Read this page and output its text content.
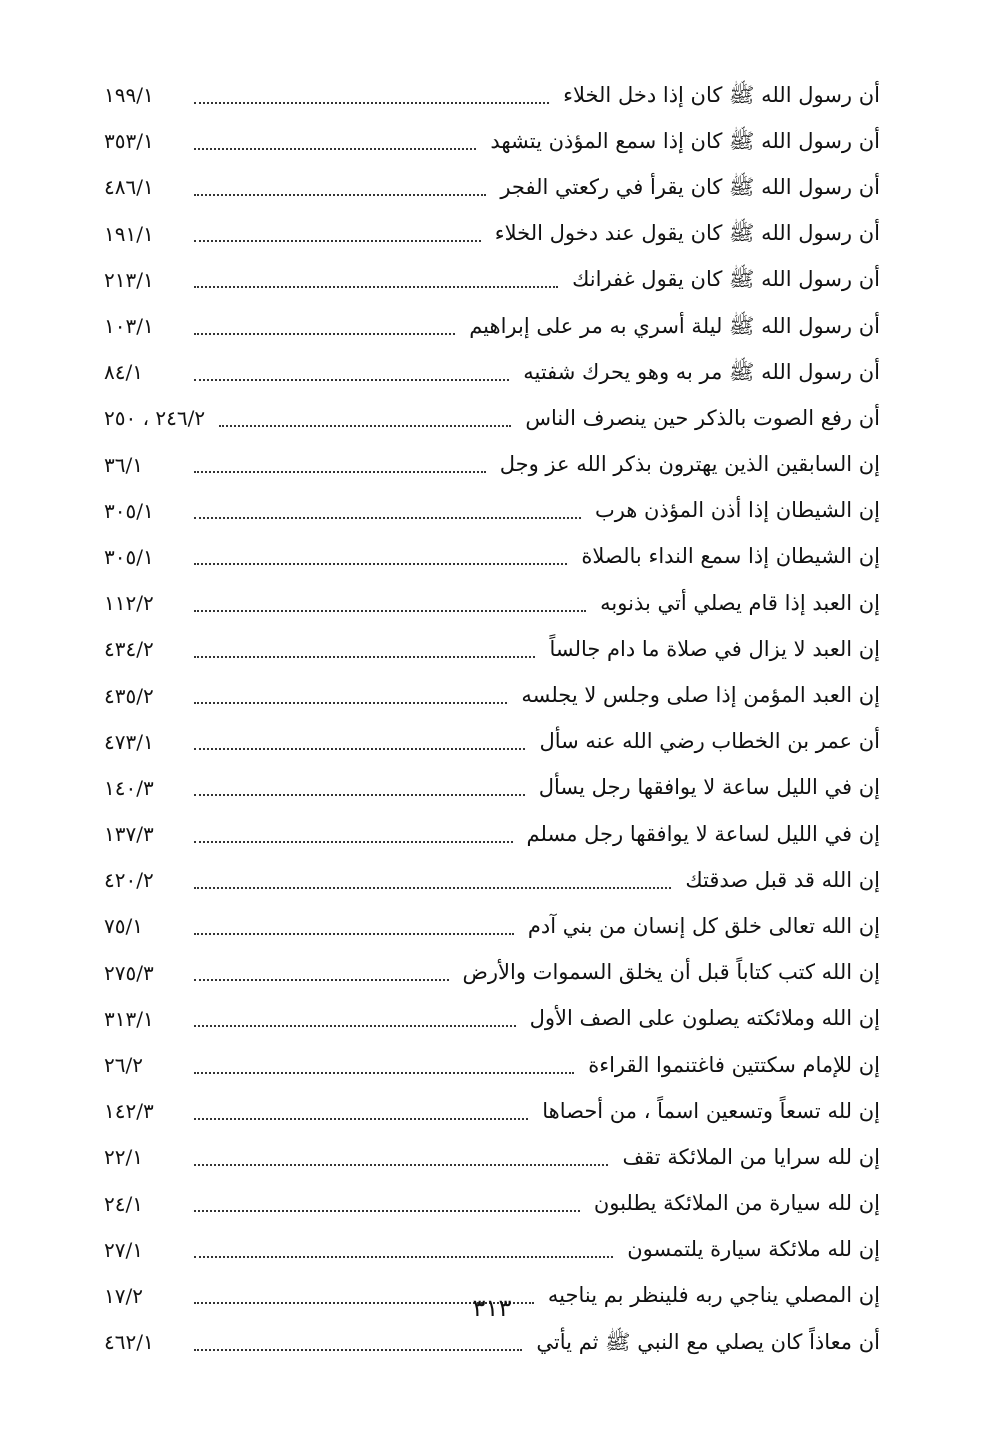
أن رسول الله ﷺ كان إذا دخل الخلاء
١٩٩/١
أن رسول الله ﷺ كان إذا سمع المؤذن يتشهد
٣٥٣/١
أن رسول الله ﷺ كان يقرأ في ركعتي الفجر
٤٨٦/١
أن رسول الله ﷺ كان يقول عند دخول الخلاء
١٩١/١
أن رسول الله ﷺ كان يقول غفرانك
٢١٣/١
أن رسول الله ﷺ ليلة أسري به مر على إبراهيم
١٠٣/١
أن رسول الله ﷺ مر به وهو يحرك شفتيه
٨٤/١
أن رفع الصوت بالذكر حين ينصرف الناس
٢٤٦/٢ ، ٢٥٠
إن السابقين الذين يهترون بذكر الله عز وجل
٣٦/١
إن الشيطان إذا أذن المؤذن هرب
٣٠٥/١
إن الشيطان إذا سمع النداء بالصلاة
٣٠٥/١
إن العبد إذا قام يصلي أتي بذنوبه
١١٢/٢
إن العبد لا يزال في صلاة ما دام جالساً
٤٣٤/٢
إن العبد المؤمن إذا صلى وجلس لا يجلسه
٤٣٥/٢
أن عمر بن الخطاب رضي الله عنه سأل
٤٧٣/١
إن في الليل ساعة لا يوافقها رجل يسأل
١٤٠/٣
إن في الليل لساعة لا يوافقها رجل مسلم
١٣٧/٣
إن الله قد قبل صدقتك
٤٢٠/٢
إن الله تعالى خلق كل إنسان من بني آدم
٧٥/١
إن الله كتب كتاباً قبل أن يخلق السموات والأرض
٢٧٥/٣
إن الله وملائكته يصلون على الصف الأول
٣١٣/١
إن للإمام سكتتين فاغتنموا القراءة
٢٦/٢
إن لله تسعاً وتسعين اسماً ، من أحصاها
١٤٢/٣
إن لله سرايا من الملائكة تقف
٢٢/١
إن لله سيارة من الملائكة يطلبون
٢٤/١
إن لله ملائكة سيارة يلتمسون
٢٧/١
إن المصلي يناجي ربه فلينظر بم يناجيه
١٧/٢
أن معاذاً كان يصلي مع النبي ﷺ ثم يأتي
٤٦٢/١
٣١٣
